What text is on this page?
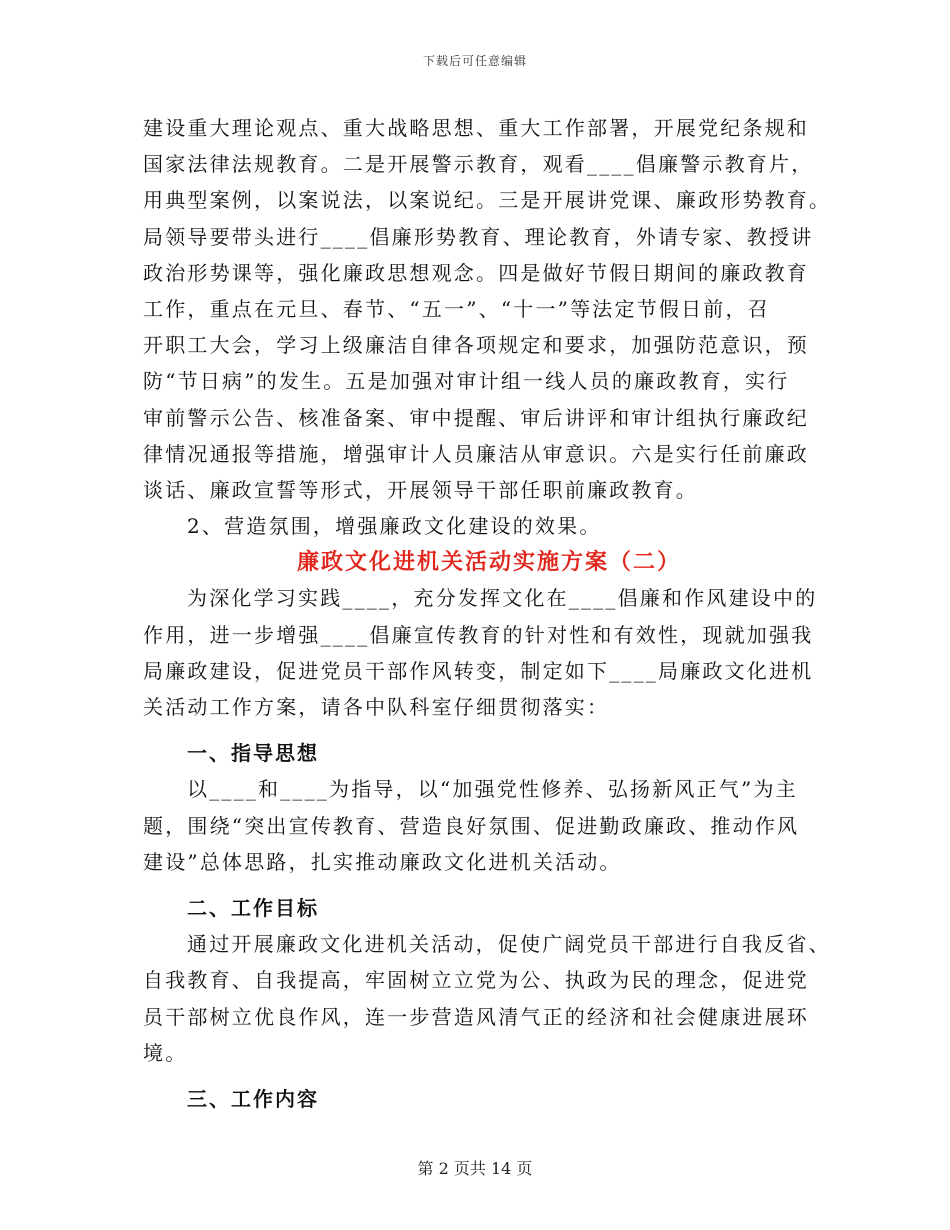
下载后可任意编辑
建设重大理论观点、重大战略思想、重大工作部署，开展党纪条规和
国家法律法规教育。二是开展警示教育，观看____倡廉警示教育片，
用典型案例，以案说法，以案说纪。三是开展讲党课、廉政形势教育。
局领导要带头进行____倡廉形势教育、理论教育，外请专家、教授讲
政治形势课等，强化廉政思想观念。四是做好节假日期间的廉政教育
工作，重点在元旦、春节、“五一”、“十一”等法定节假日前，召
开职工大会，学习上级廉洁自律各项规定和要求，加强防范意识，预
防“节日病”的发生。五是加强对审计组一线人员的廉政教育，实行
审前警示公告、核准备案、审中提醒、审后讲评和审计组执行廉政纪
律情况通报等措施，增强审计人员廉洁从审意识。六是实行任前廉政
谈话、廉政宣誓等形式，开展领导干部任职前廉政教育。
2、营造氛围，增强廉政文化建设的效果。
廉政文化进机关活动实施方案（二）
为深化学习实践____，充分发挥文化在____倡廉和作风建设中的
作用，进一步增强____倡廉宣传教育的针对性和有效性，现就加强我
局廉政建设，促进党员干部作风转变，制定如下____局廉政文化进机
关活动工作方案，请各中队科室仔细贯彻落实：
一、指导思想
以____和____为指导，以“加强党性修养、弘扬新风正气”为主
题，围绕“突出宣传教育、营造良好氛围、促进勤政廉政、推动作风
建设”总体思路，扎实推动廉政文化进机关活动。
二、工作目标
通过开展廉政文化进机关活动，促使广阔党员干部进行自我反省、
自我教育、自我提高，牢固树立立党为公、执政为民的理念，促进党
员干部树立优良作风，连一步营造风清气正的经济和社会健康进展环
境。
三、工作内容
第 2 页共 14 页
